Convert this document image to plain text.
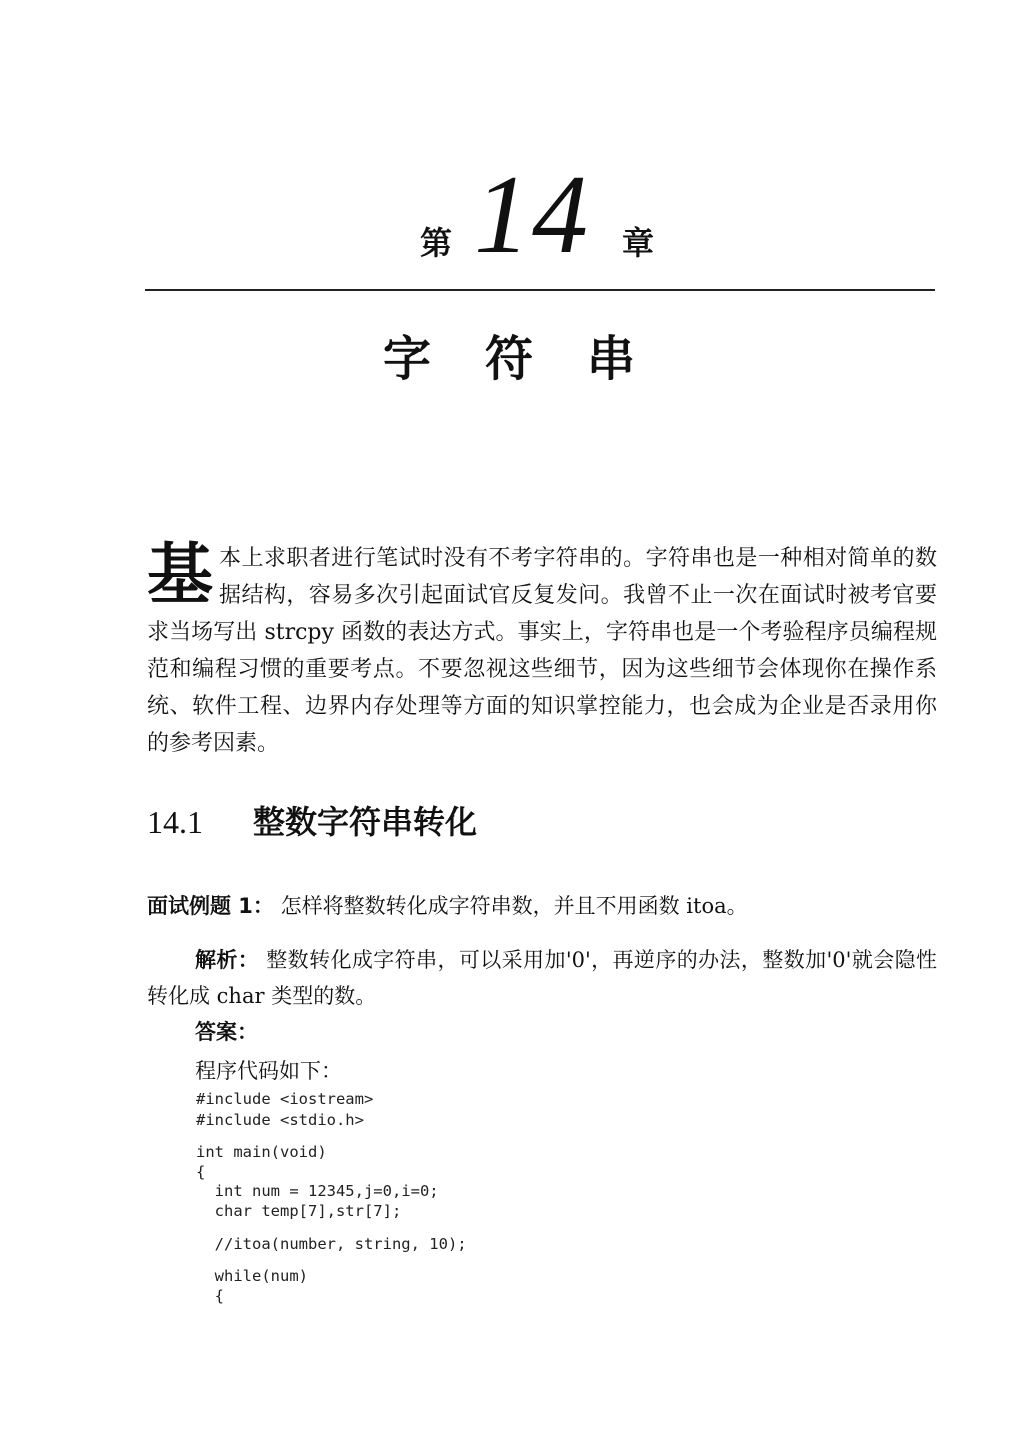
第 14 章
字符串
基 本上求职者进行笔试时没有不考字符串的。字符串也是一种相对简单的数据结构，容易多次引起面试官反复发问。我曾不止一次在面试时被考官要求当场写出 strcpy 函数的表达方式。事实上，字符串也是一个考验程序员编程规范和编程习惯的重要考点。不要忽视这些细节，因为这些细节会体现你在操作系统、软件工程、边界内存处理等方面的知识掌控能力，也会成为企业是否录用你的参考因素。
14.1 整数字符串转化
面试例题 1： 怎样将整数转化成字符串数，并且不用函数 itoa。
解析： 整数转化成字符串，可以采用加'0'，再逆序的办法，整数加'0'就会隐性转化成 char 类型的数。
答案：
程序代码如下：
#include <iostream>
#include <stdio.h>
int main(void)
{
int num = 12345,j=0,i=0;
char temp[7],str[7];
//itoa(number, string, 10);
while(num)
{
